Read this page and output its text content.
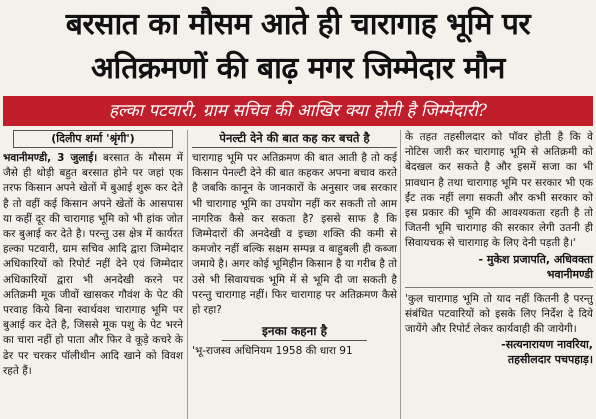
बरसात का मौसम आते ही चारागाह भूमि पर
अतिक्रमणों की बाढ़ मगर जिम्मेदार मौन
हल्का पटवारी, ग्राम सचिव की आखिर क्या होती है जिम्मेदारी?
(दिलीप शर्मा 'श्रृंगी')

भवानीमण्डी, 3 जुलाई। बरसात के मौसम में जैसे ही थोड़ी बहुत बरसात होने पर जहां एक तरफ किसान अपने खेतों में बुआई शुरू कर देते है तो वहीं कई किसान अपने खेतों के आसपास या कहीं दूर की चारागाह भूमि को भी हांक जोत कर बुआई कर देते है। परन्तु उस क्षेत्र में कार्यरत हल्का पटवारी, ग्राम सचिव आदि द्वारा जिम्मेदार अधिकारियों को रिपोर्ट नहीं देने एवं जिम्मेदार अधिकारियों द्वारा भी अनदेखी करने पर अतिक्रमी मूक जीवों खासकर गौवंश के पेट की परवाह किये बिना स्वार्थवश चारागाह भूमि पर बुआई कर देते है, जिससे मूक पशु के पेट भरने का चारा नहीं हो पाता और फिर वे कूड़े कचरे के ढेर पर चरकर पॉलीथीन आदि खाने को विवश रहते हैं।

पेनल्टी देने की बात कह कर बचते है

चारागाह भूमि पर अतिक्रमण की बात आती है तो कई किसान पेनल्टी देने की बात कहकर अपना बचाव करते है जबकि कानून के जानकारों के अनुसार जब सरकार भी चारागाह भूमि का उपयोग नहीं कर सकती तो आम नागरिक कैसे कर सकता है? इससे साफ है कि जिम्मेदारों की अनदेखी व इच्छा शक्ति की कमी से कमजोर नहीं बल्कि सक्षम सम्पन्न व बाहुबली ही कब्जा जमाये है। अगर कोई भूमिहीन किसान है या गरीब है तो उसे भी सिवायचक भूमि में से भूमि दी जा सकती है परन्तु चारागाह नहीं। फिर चारागाह पर अतिक्रमण कैसे हो रहा?

इनका कहना है

'भू-राजस्व अधिनियम 1958 की धारा 91

के तहत तहसीलदार को पॉवर होती है कि वे नोटिस जारी कर चारागाह भूमि से अतिक्रमी को बेदखल कर सकते है और इसमें सजा का भी प्रावधान है तथा चारागाह भूमि पर सरकार भी एक ईंट तक नहीं लगा सकती और कभी सरकार को इस प्रकार की भूमि की आवश्यकता रहती है तो जितनी भूमि चारागाह की सरकार लेगी उतनी ही सिवायचक से चारागाह के लिए देनी पड़ती है।'

- मुकेश प्रजापति, अधिवक्ता
भवानीमण्डी

'कुल चारागाह भूमि तो याद नहीं कितनी है परन्तु संबंधित पटवारियों को इसके लिए निर्देश दे दिये जायेंगे और रिपोर्ट लेकर कार्यवाही की जायेगी।

-सत्यनारायण नावरिया,
तहसीलदार पचपहाड़।
